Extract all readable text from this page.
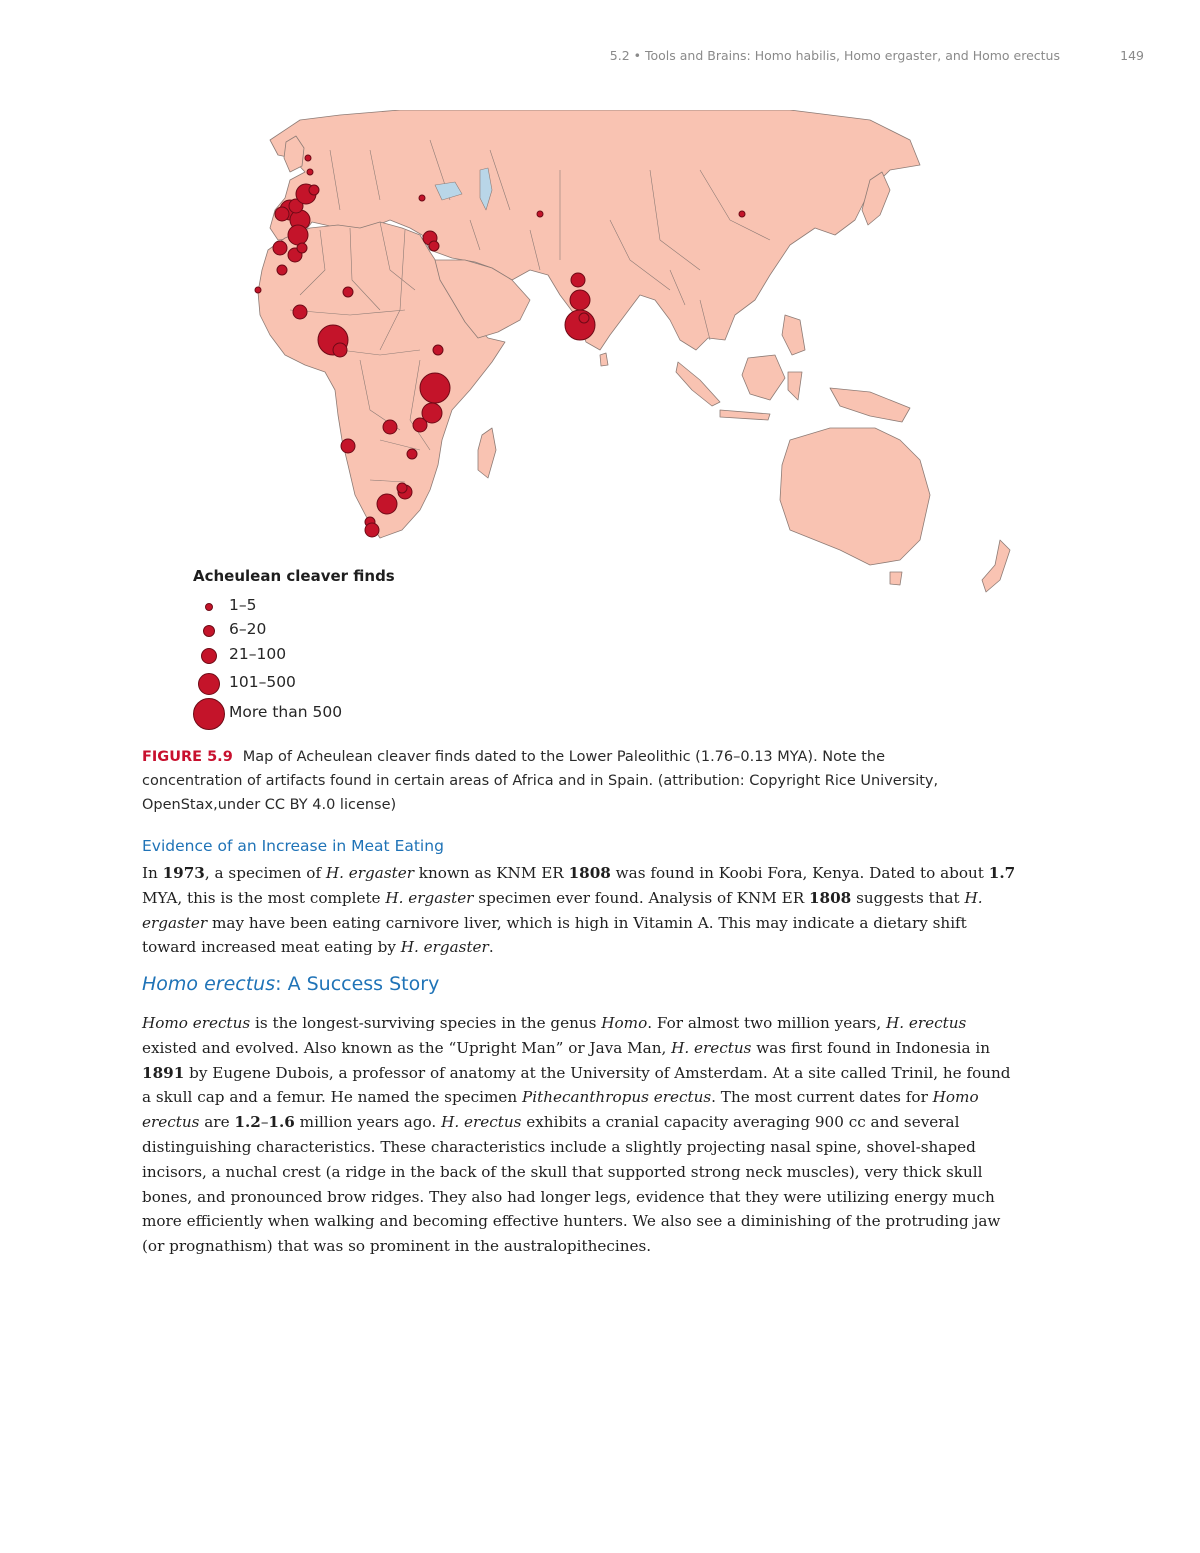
5.2 • Tools and Brains: Homo habilis, Homo ergaster, and Homo erectus	149
Acheulean cleaver finds
1–5
6–20
21–100
101–500
More than 500
FIGURE 5.9 Map of Acheulean cleaver finds dated to the Lower Paleolithic (1.76–0.13 MYA). Note the
concentration of artifacts found in certain areas of Africa and in Spain. (attribution: Copyright Rice University,
OpenStax,under CC BY 4.0 license)
Evidence of an Increase in Meat Eating
In 1973, a specimen of H. ergaster known as KNM ER 1808 was found in Koobi Fora, Kenya. Dated to about 1.7
MYA, this is the most complete H. ergaster specimen ever found. Analysis of KNM ER 1808 suggests that H.
ergaster may have been eating carnivore liver, which is high in Vitamin A. This may indicate a dietary shift
toward increased meat eating by H. ergaster.
Homo erectus: A Success Story
Homo erectus is the longest-surviving species in the genus Homo. For almost two million years, H. erectus
existed and evolved. Also known as the “Upright Man” or Java Man, H. erectus was first found in Indonesia in
1891 by Eugene Dubois, a professor of anatomy at the University of Amsterdam. At a site called Trinil, he found
a skull cap and a femur. He named the specimen Pithecanthropus erectus. The most current dates for Homo
erectus are 1.2–1.6 million years ago. H. erectus exhibits a cranial capacity averaging 900 cc and several
distinguishing characteristics. These characteristics include a slightly projecting nasal spine, shovel-shaped
incisors, a nuchal crest (a ridge in the back of the skull that supported strong neck muscles), very thick skull
bones, and pronounced brow ridges. They also had longer legs, evidence that they were utilizing energy much
more efficiently when walking and becoming effective hunters. We also see a diminishing of the protruding jaw
(or prognathism) that was so prominent in the australopithecines.
